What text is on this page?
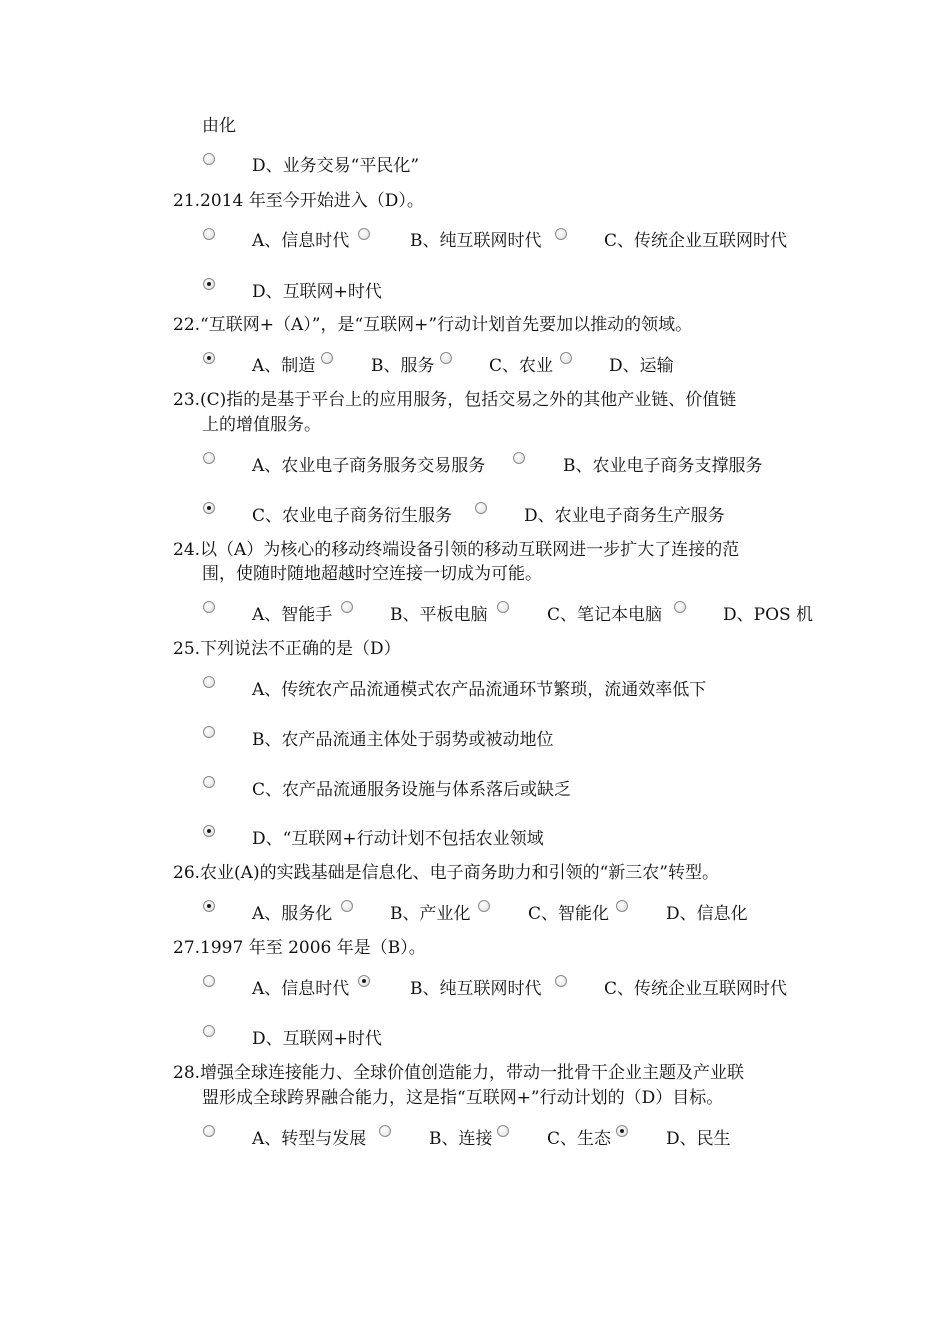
由化
D、业务交易“平民化”
21.2014 年至今开始进入（D）。
A、信息时代	B、纯互联网时代	C、传统企业互联网时代
D、互联网+时代
22.“互联网+（A）”，是“互联网+”行动计划首先要加以推动的领域。
A、制造	B、服务	C、农业	D、运输
23.(C)指的是基于平台上的应用服务，包括交易之外的其他产业链、价值链
上的增值服务。
A、农业电子商务服务交易服务	B、农业电子商务支撑服务
C、农业电子商务衍生服务	D、农业电子商务生产服务
24.以（A）为核心的移动终端设备引领的移动互联网进一步扩大了连接的范
围，使随时随地超越时空连接一切成为可能。
A、智能手	B、平板电脑	C、笔记本电脑	D、POS 机
25.下列说法不正确的是（D）
A、传统农产品流通模式农产品流通环节繁琐，流通效率低下
B、农产品流通主体处于弱势或被动地位
C、农产品流通服务设施与体系落后或缺乏
D、“互联网+行动计划不包括农业领域
26.农业(A)的实践基础是信息化、电子商务助力和引领的“新三农”转型。
A、服务化	B、产业化	C、智能化	D、信息化
27.1997 年至 2006 年是（B）。
A、信息时代	B、纯互联网时代	C、传统企业互联网时代
D、互联网+时代
28.增强全球连接能力、全球价值创造能力，带动一批骨干企业主题及产业联
盟形成全球跨界融合能力，这是指“互联网+”行动计划的（D）目标。
A、转型与发展	B、连接	C、生态	D、民生
